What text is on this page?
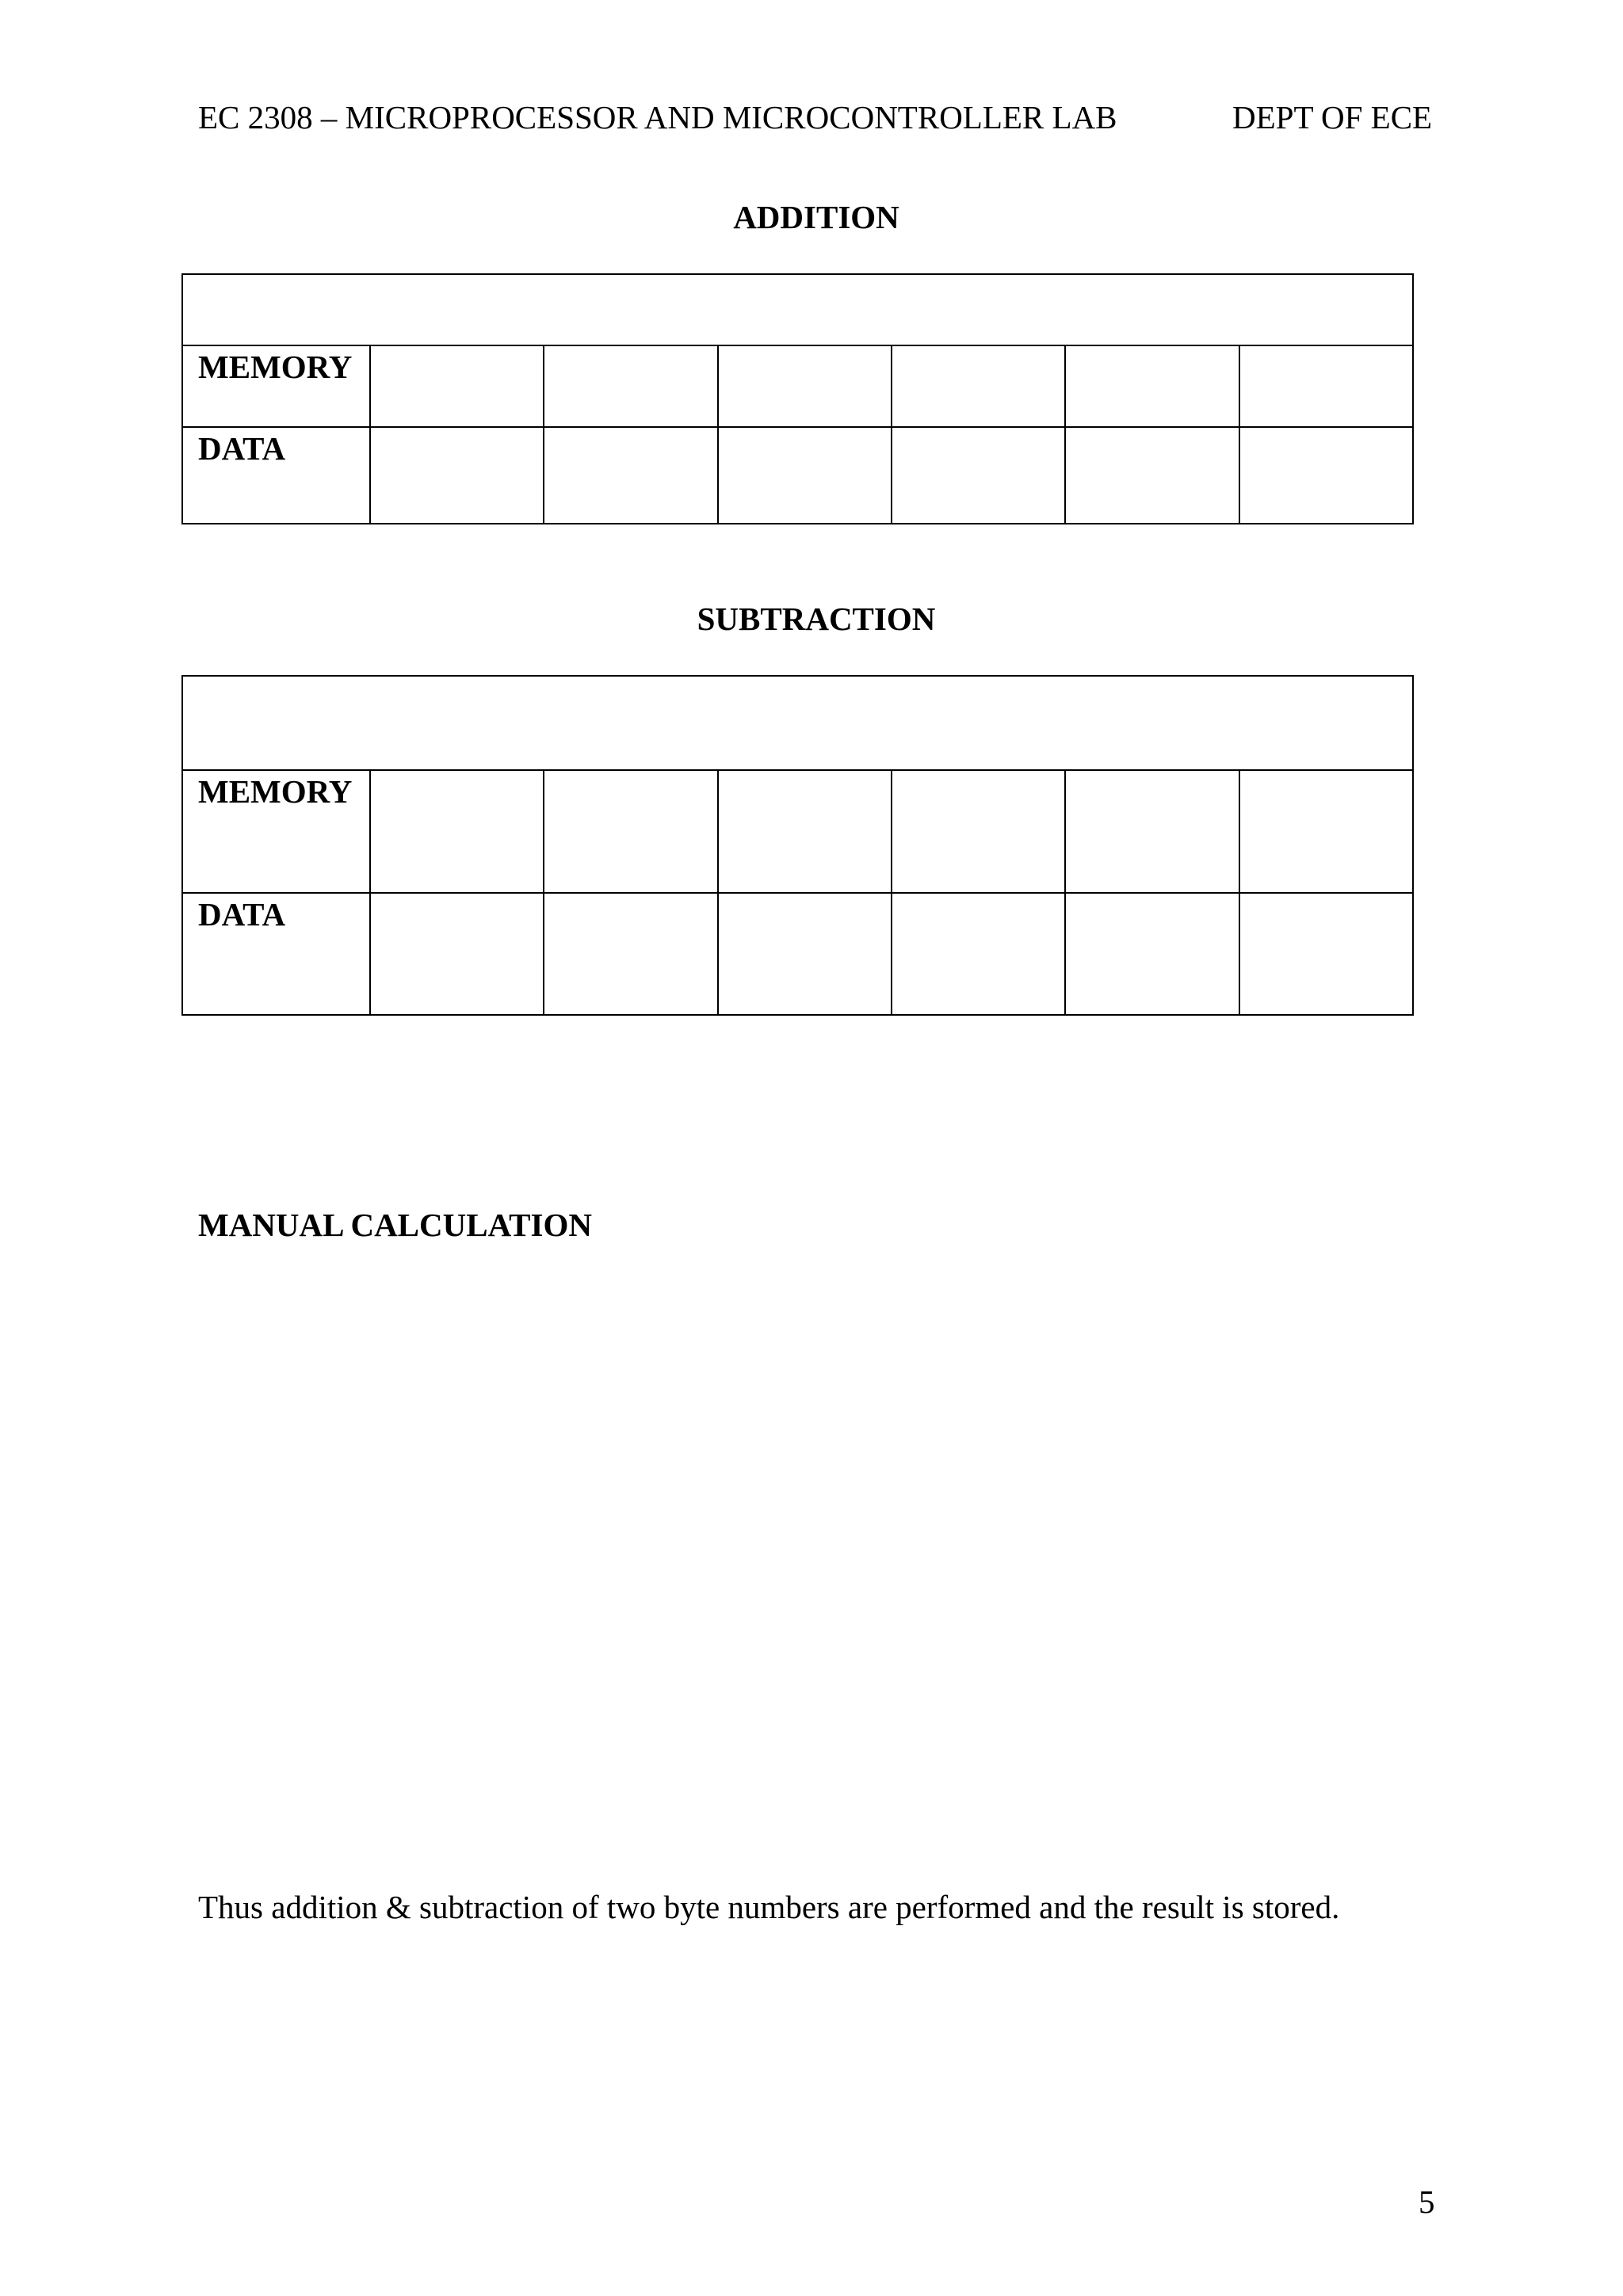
EC 2308 – MICROPROCESSOR AND MICROCONTROLLER LAB	DEPT OF ECE
ADDITION
MEMORY
DATA
SUBTRACTION
MEMORY
DATA
MANUAL CALCULATION
Thus addition & subtraction of two byte numbers are performed and the result is stored.
5
